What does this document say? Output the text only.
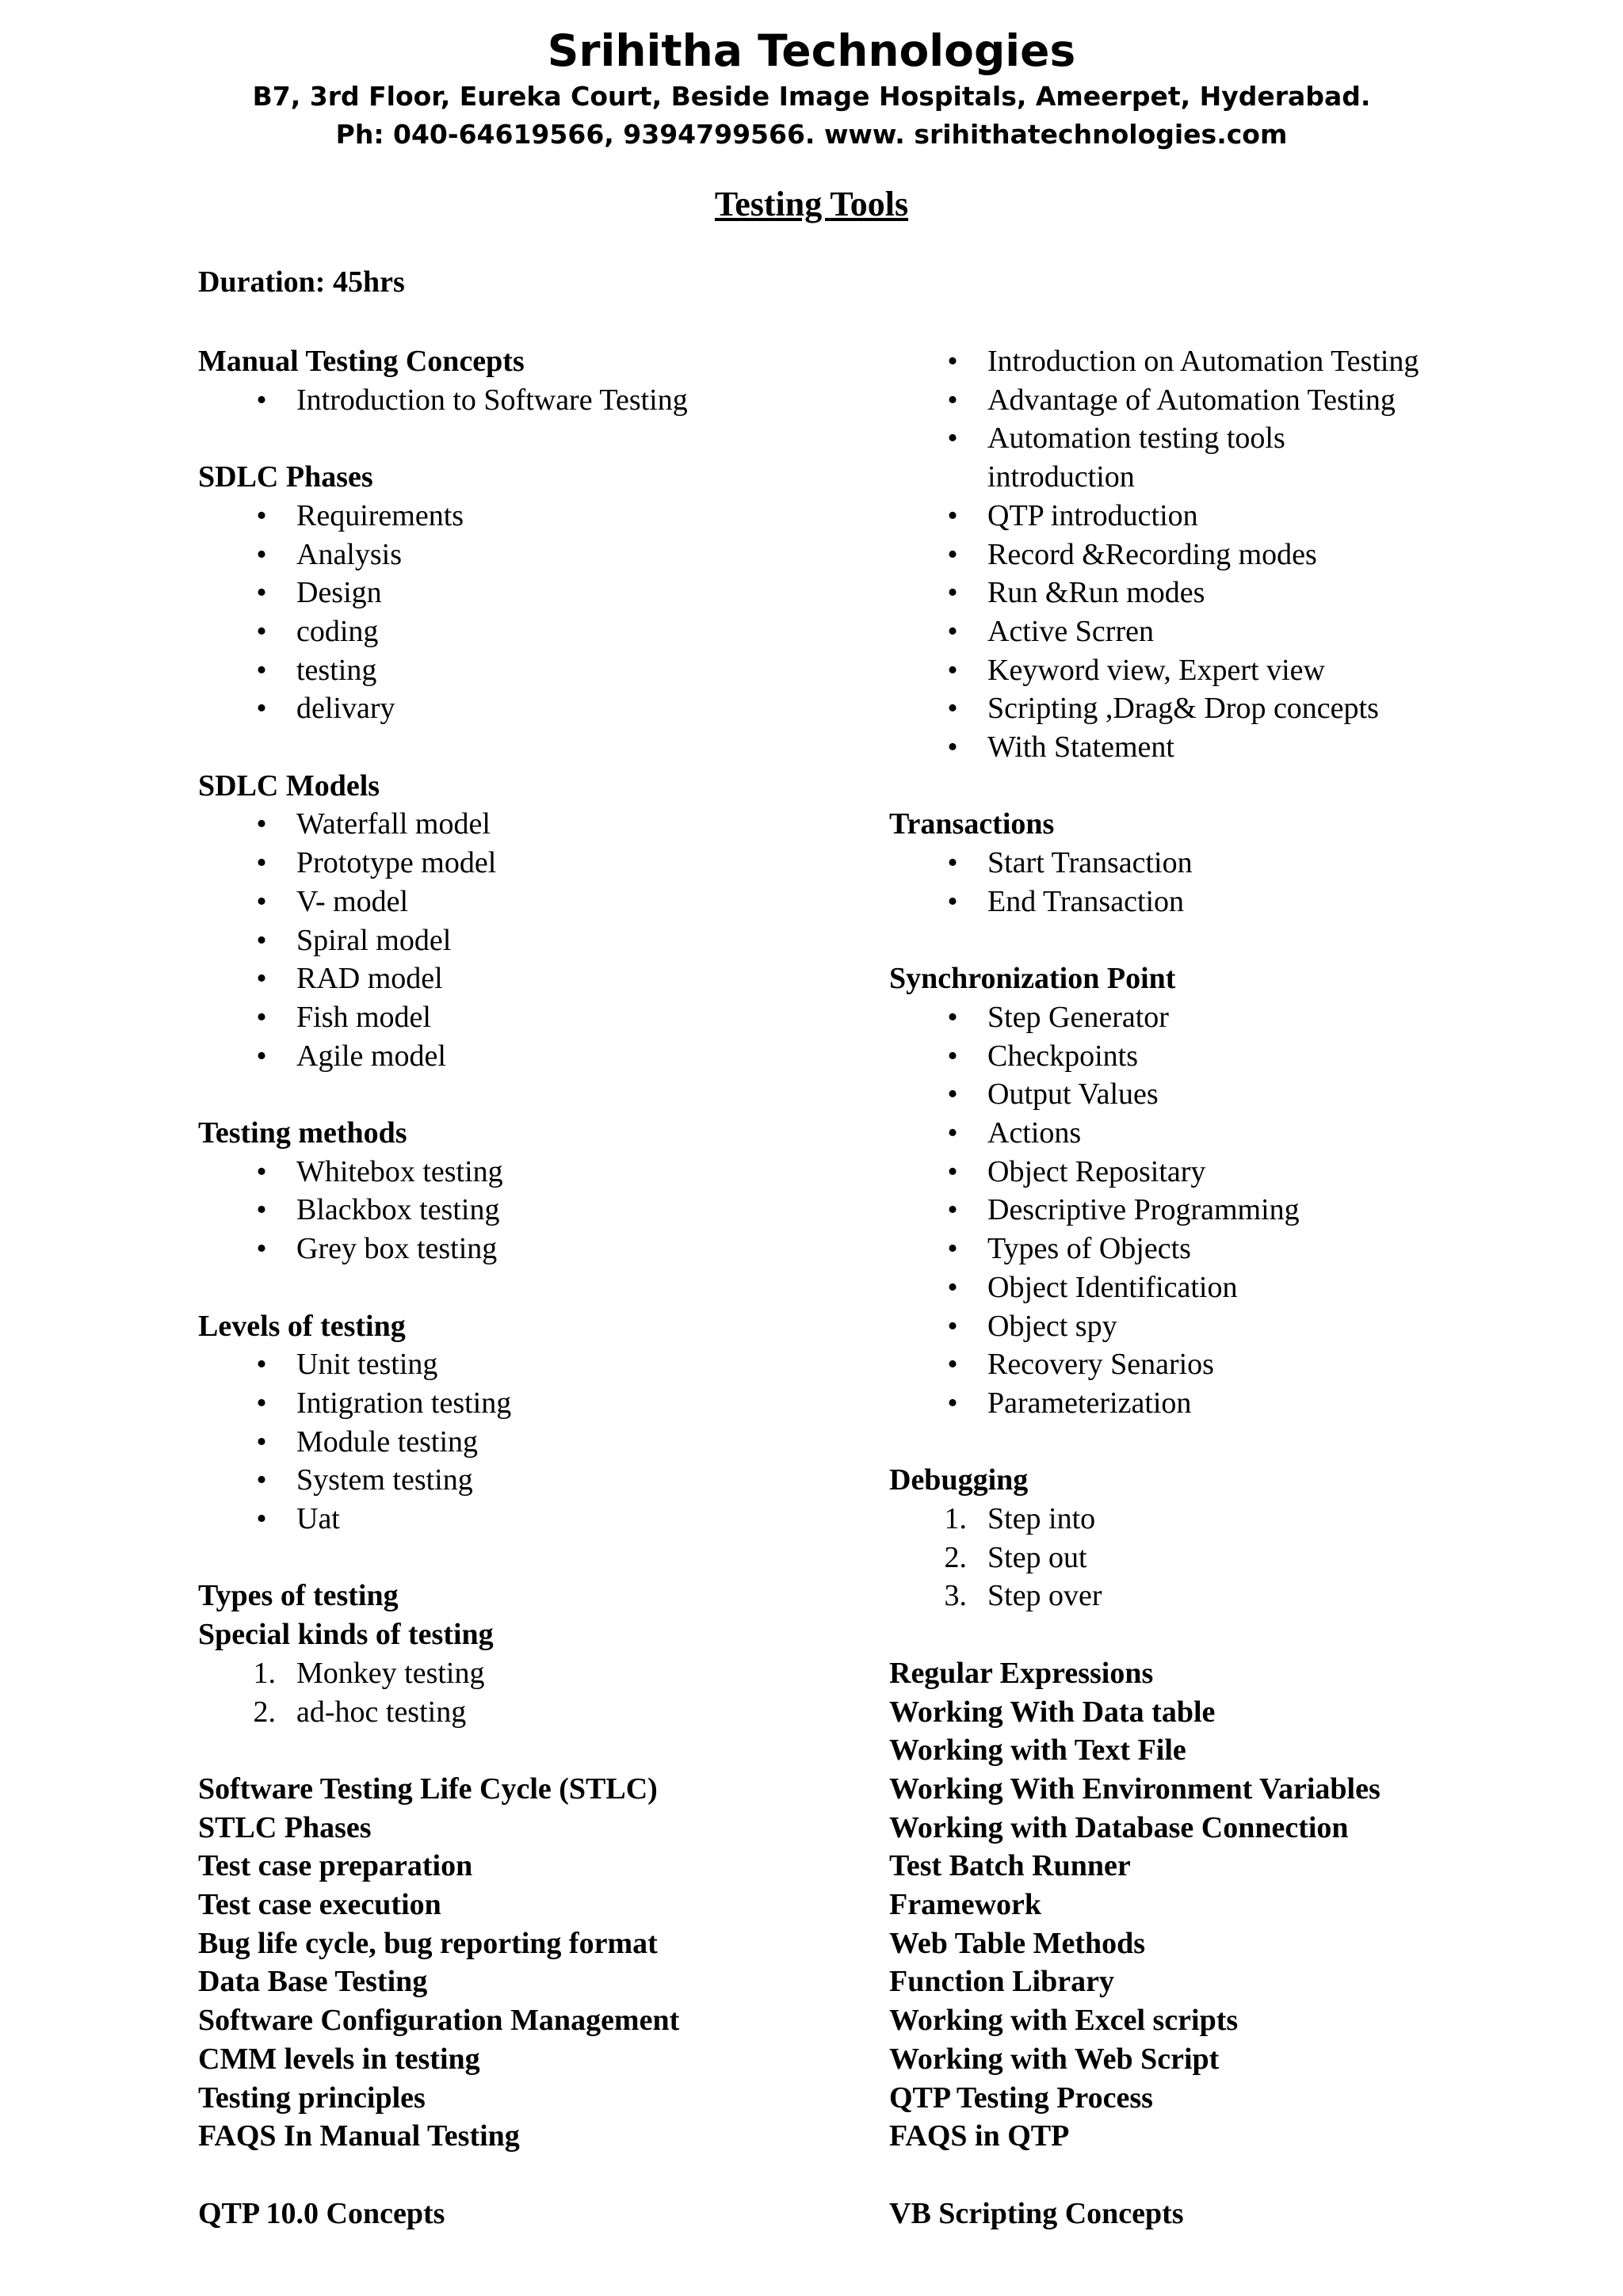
Srihitha Technologies
B7, 3rd Floor, Eureka Court, Beside Image Hospitals, Ameerpet, Hyderabad.
Ph: 040-64619566, 9394799566. www. srihithatechnologies.com
Testing Tools
Duration: 45hrs
Manual Testing Concepts
• Introduction to Software Testing
SDLC Phases
• Requirements
• Analysis
• Design
• coding
• testing
• delivary
SDLC Models
• Waterfall model
• Prototype model
• V- model
• Spiral model
• RAD model
• Fish model
• Agile model
Testing methods
• Whitebox testing
• Blackbox testing
• Grey box testing
Levels of testing
• Unit testing
• Intigration testing
• Module testing
• System testing
• Uat
Types of testing
Special kinds of testing
1. Monkey testing
2. ad-hoc testing
Software Testing Life Cycle (STLC)
STLC Phases
Test case preparation
Test case execution
Bug life cycle, bug reporting format
Data Base Testing
Software Configuration Management
CMM levels in testing
Testing principles
FAQS In Manual Testing
QTP 10.0 Concepts
• Introduction on Automation Testing
• Advantage of Automation Testing
• Automation testing tools
introduction
• QTP introduction
• Record &Recording modes
• Run &Run modes
• Active Scrren
• Keyword view, Expert view
• Scripting ,Drag& Drop concepts
• With Statement
Transactions
• Start Transaction
• End Transaction
Synchronization Point
• Step Generator
• Checkpoints
• Output Values
• Actions
• Object Repositary
• Descriptive Programming
• Types of Objects
• Object Identification
• Object spy
• Recovery Senarios
• Parameterization
Debugging
1. Step into
2. Step out
3. Step over
Regular Expressions
Working With Data table
Working with Text File
Working With Environment Variables
Working with Database Connection
Test Batch Runner
Framework
Web Table Methods
Function Library
Working with Excel scripts
Working with Web Script
QTP Testing Process
FAQS in QTP
VB Scripting Concepts
